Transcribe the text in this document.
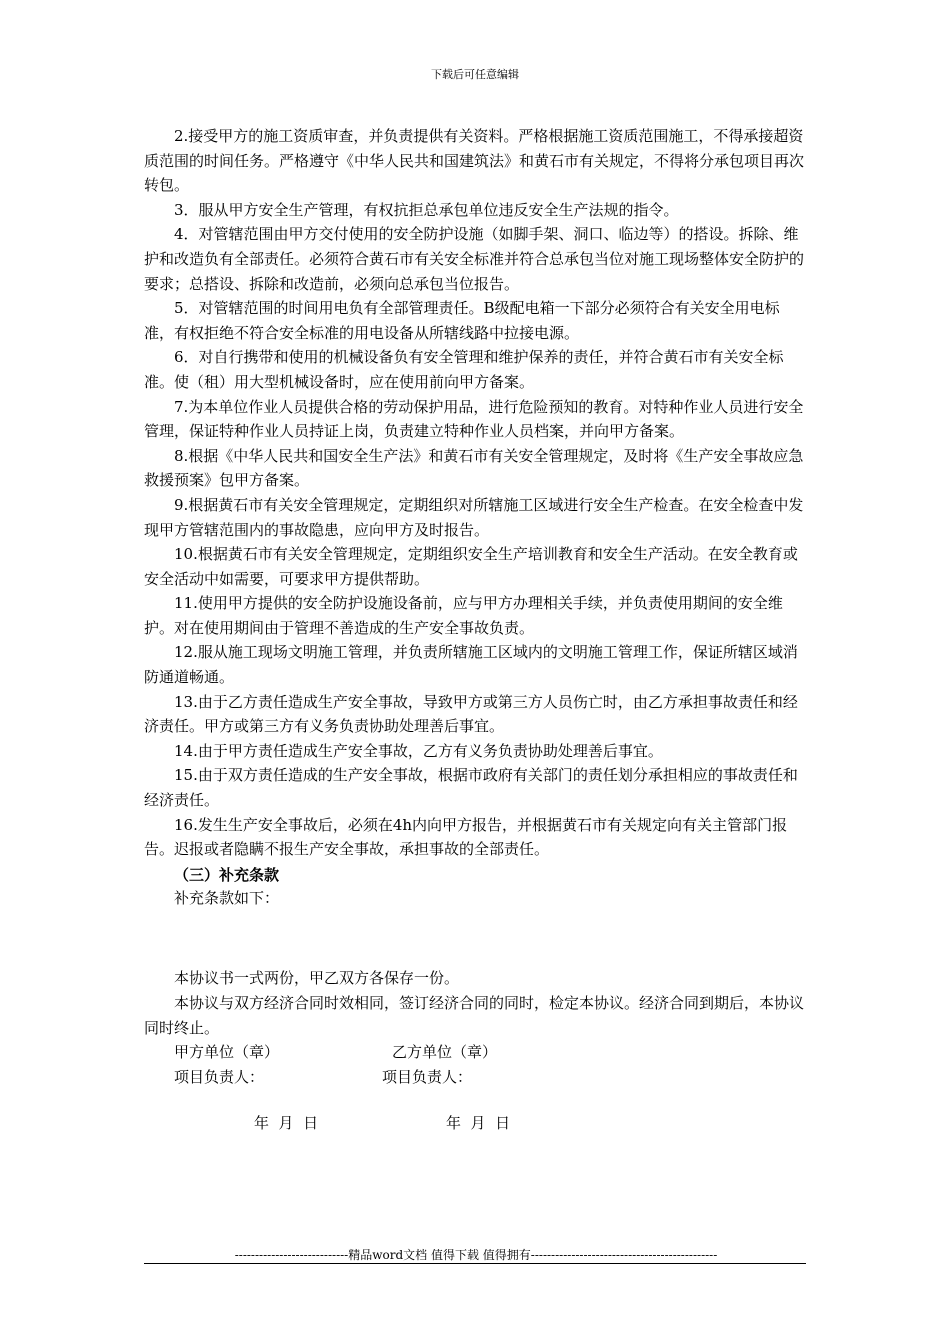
下载后可任意编辑

2.接受甲方的施工资质审查，并负责提供有关资料。严格根据施工资质范围施工，不得承接超资质范围的时间任务。严格遵守《中华人民共和国建筑法》和黄石市有关规定，不得将分承包项目再次转包。

3．服从甲方安全生产管理，有权抗拒总承包单位违反安全生产法规的指令。

4．对管辖范围由甲方交付使用的安全防护设施（如脚手架、洞口、临边等）的搭设。拆除、维护和改造负有全部责任。必须符合黄石市有关安全标准并符合总承包当位对施工现场整体安全防护的要求；总搭设、拆除和改造前，必须向总承包当位报告。

5．对管辖范围的时间用电负有全部管理责任。B级配电箱一下部分必须符合有关安全用电标准，有权拒绝不符合安全标准的用电设备从所辖线路中拉接电源。

6．对自行携带和使用的机械设备负有安全管理和维护保养的责任，并符合黄石市有关安全标准。使（租）用大型机械设备时，应在使用前向甲方备案。

7.为本单位作业人员提供合格的劳动保护用品，进行危险预知的教育。对特种作业人员进行安全管理，保证特种作业人员持证上岗，负责建立特种作业人员档案，并向甲方备案。

8.根据《中华人民共和国安全生产法》和黄石市有关安全管理规定，及时将《生产安全事故应急救援预案》包甲方备案。

9.根据黄石市有关安全管理规定，定期组织对所辖施工区域进行安全生产检查。在安全检查中发现甲方管辖范围内的事故隐患，应向甲方及时报告。

10.根据黄石市有关安全管理规定，定期组织安全生产培训教育和安全生产活动。在安全教育或安全活动中如需要，可要求甲方提供帮助。

11.使用甲方提供的安全防护设施设备前，应与甲方办理相关手续，并负责使用期间的安全维护。对在使用期间由于管理不善造成的生产安全事故负责。

12.服从施工现场文明施工管理，并负责所辖施工区域内的文明施工管理工作，保证所辖区域消防通道畅通。

13.由于乙方责任造成生产安全事故，导致甲方或第三方人员伤亡时，由乙方承担事故责任和经济责任。甲方或第三方有义务负责协助处理善后事宜。

14.由于甲方责任造成生产安全事故，乙方有义务负责协助处理善后事宜。

15.由于双方责任造成的生产安全事故，根据市政府有关部门的责任划分承担相应的事故责任和经济责任。

16.发生生产安全事故后，必须在4h内向甲方报告，并根据黄石市有关规定向有关主管部门报告。迟报或者隐瞒不报生产安全事故，承担事故的全部责任。

（三）补充条款

补充条款如下：

本协议书一式两份，甲乙双方各保存一份。

本协议与双方经济合同时效相同，签订经济合同的同时，检定本协议。经济合同到期后，本协议同时终止。

甲方单位（章）	乙方单位（章）
项目负责人：	项目负责人：
年  月  日	年  月  日
----------------------------精品word文档 值得下载 值得拥有----------------------------------------------
